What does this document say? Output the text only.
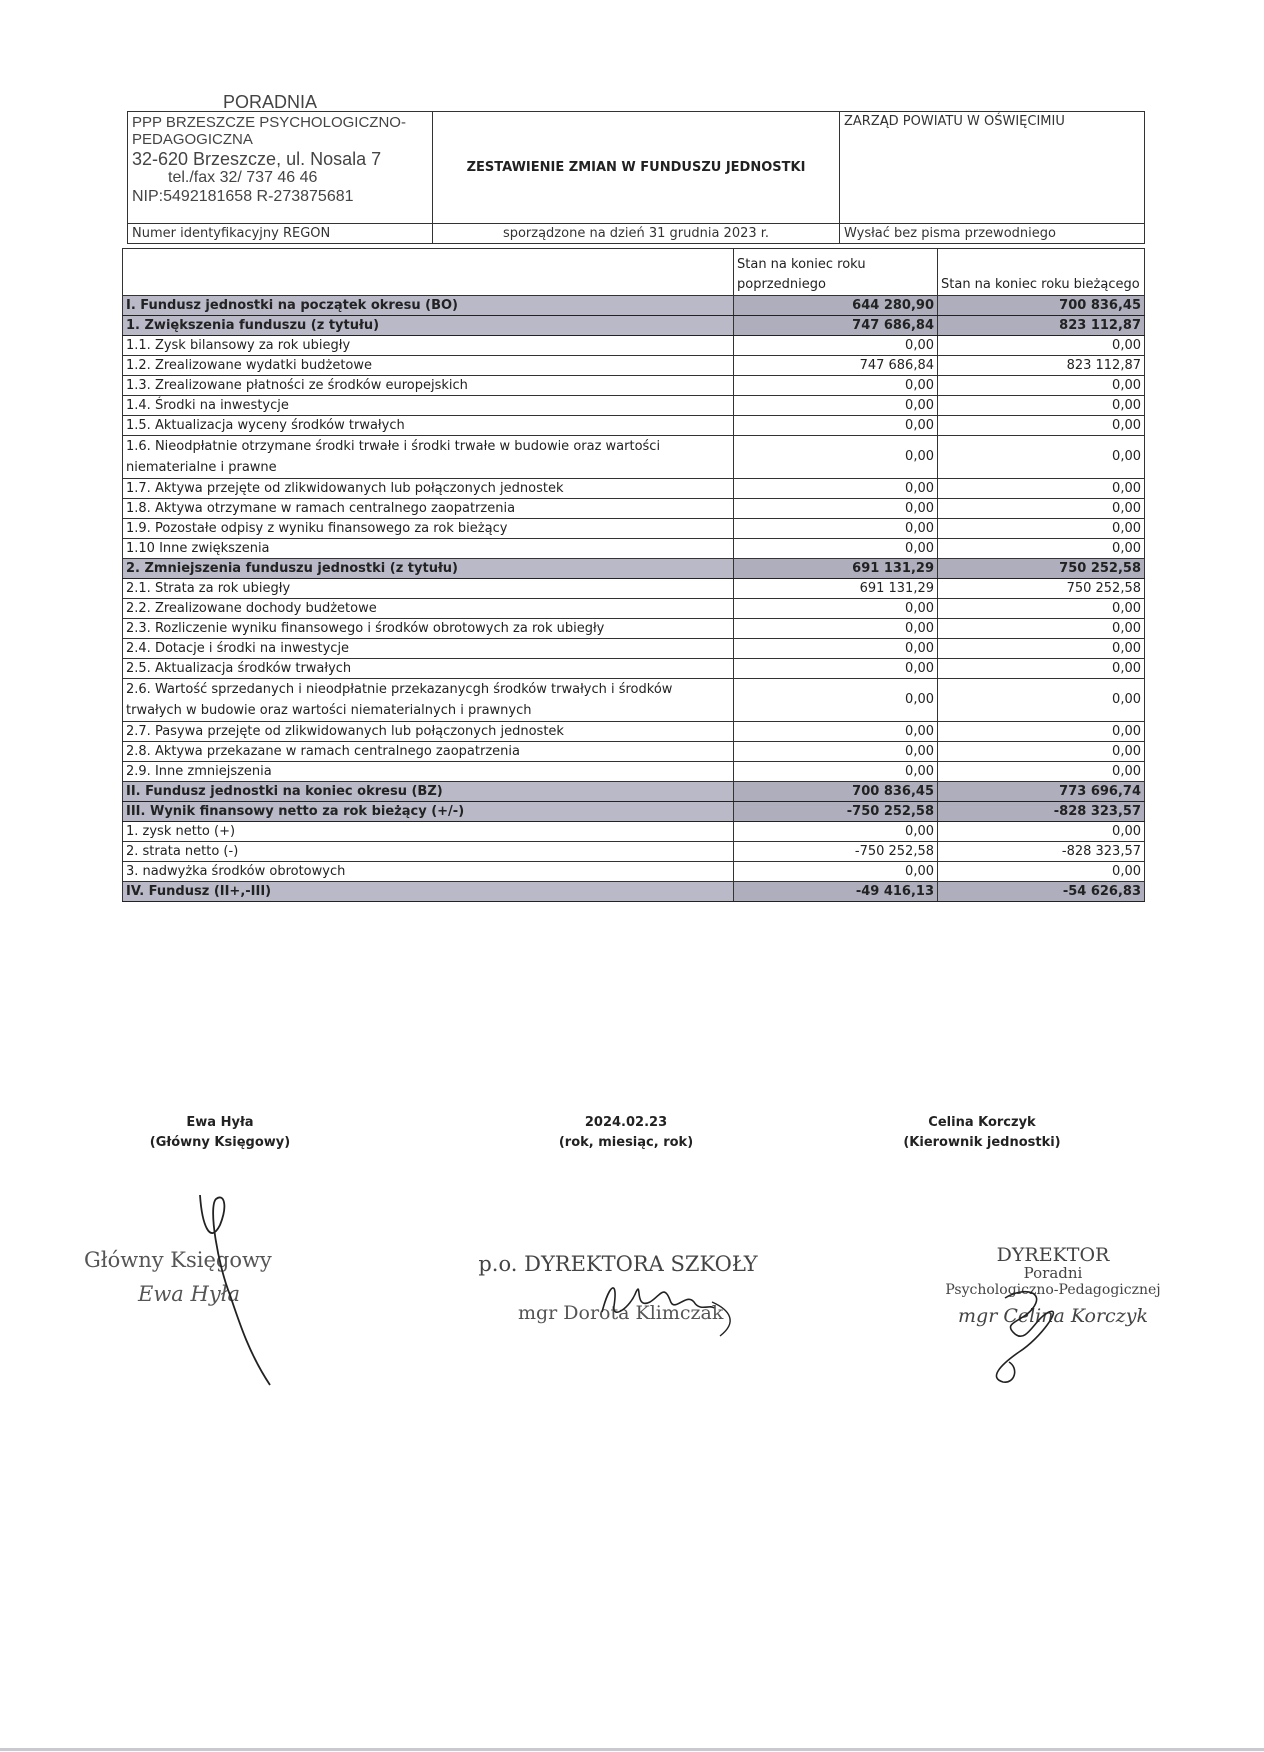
PORADNIA
PPP BRZESZCZE PSYCHOLOGICZNO-PEDAGOGICZNA
32-620 Brzeszcze, ul. Nosala 7
tel./fax 32/ 737 46 46
NIP:5492181658 R-273875681	ZESTAWIENIE ZMIAN W FUNDUSZU JEDNOSTKI	ZARZĄD POWIATU W OŚWIĘCIMIU
Numer identyfikacyjny REGON	sporządzone na dzień 31 grudnia 2023 r.	Wysłać bez pisma przewodniego
	Stan na koniec roku poprzedniego	Stan na koniec roku bieżącego
I. Fundusz jednostki na początek okresu (BO)	644 280,90	700 836,45
1. Zwiększenia funduszu (z tytułu)	747 686,84	823 112,87
1.1. Zysk bilansowy za rok ubiegły	0,00	0,00
1.2. Zrealizowane wydatki budżetowe	747 686,84	823 112,87
1.3. Zrealizowane płatności ze środków europejskich	0,00	0,00
1.4. Środki na inwestycje	0,00	0,00
1.5. Aktualizacja wyceny środków trwałych	0,00	0,00
1.6. Nieodpłatnie otrzymane środki trwałe i środki trwałe w budowie oraz wartości niematerialne i prawne	0,00	0,00
1.7. Aktywa przejęte od zlikwidowanych lub połączonych jednostek	0,00	0,00
1.8. Aktywa otrzymane w ramach centralnego zaopatrzenia	0,00	0,00
1.9. Pozostałe odpisy z wyniku finansowego za rok bieżący	0,00	0,00
1.10 Inne zwiększenia	0,00	0,00
2. Zmniejszenia funduszu jednostki (z tytułu)	691 131,29	750 252,58
2.1. Strata za rok ubiegły	691 131,29	750 252,58
2.2. Zrealizowane dochody budżetowe	0,00	0,00
2.3. Rozliczenie wyniku finansowego i środków obrotowych za rok ubiegły	0,00	0,00
2.4. Dotacje i środki na inwestycje	0,00	0,00
2.5. Aktualizacja środków trwałych	0,00	0,00
2.6. Wartość sprzedanych i nieodpłatnie przekazanycgh środków trwałych i środków trwałych w budowie oraz wartości niematerialnych i prawnych	0,00	0,00
2.7. Pasywa przejęte od zlikwidowanych lub połączonych jednostek	0,00	0,00
2.8. Aktywa przekazane w ramach centralnego zaopatrzenia	0,00	0,00
2.9. Inne zmniejszenia	0,00	0,00
II. Fundusz jednostki na koniec okresu (BZ)	700 836,45	773 696,74
III. Wynik finansowy netto za rok bieżący (+/-)	-750 252,58	-828 323,57
1. zysk netto (+)	0,00	0,00
2. strata netto (-)	-750 252,58	-828 323,57
3. nadwyżka środków obrotowych	0,00	0,00
IV. Fundusz (II+,-III)	-49 416,13	-54 626,83
Ewa Hyła
(Główny Księgowy)
2024.02.23
(rok, miesiąc, rok)
Celina Korczyk
(Kierownik jednostki)
Główny Księgowy
Ewa Hyła
p.o. DYREKTORA SZKOŁY
mgr Dorota Klimczak
DYREKTOR
Poradni
Psychologiczno-Pedagogicznej
mgr Celina Korczyk
